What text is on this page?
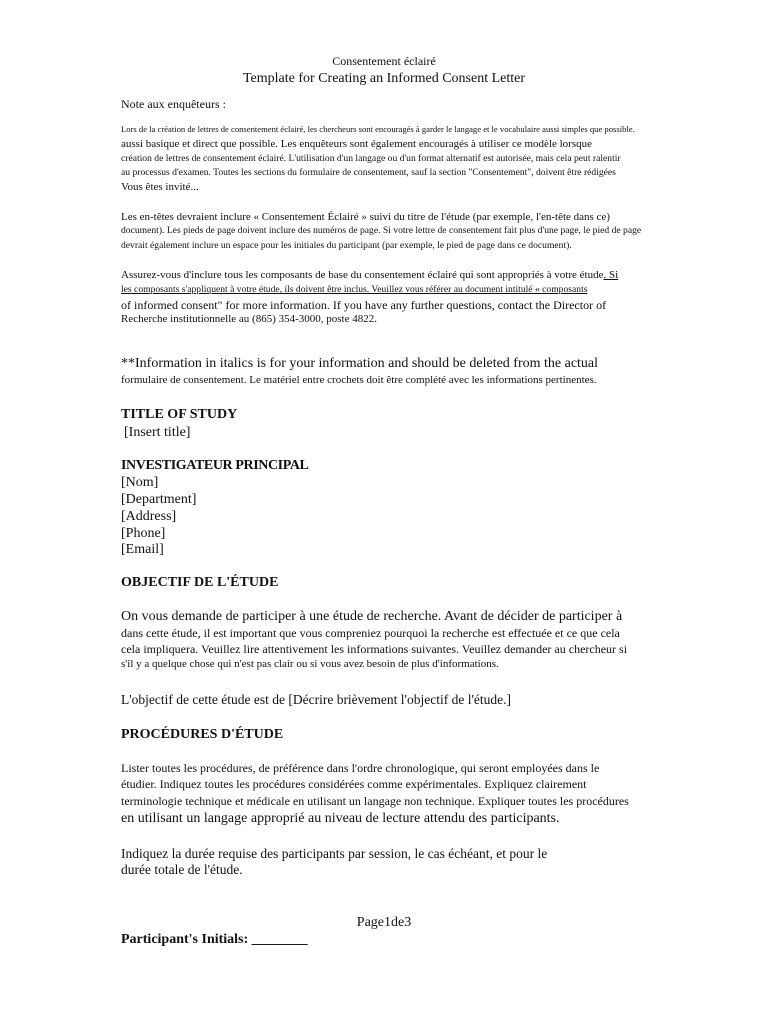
Consentement éclairé
Template for Creating an Informed Consent Letter
Note aux enquêteurs :
Lors de la création de lettres de consentement éclairé, les chercheurs sont encouragés à garder le langage et le vocabulaire aussi simples que possible.
aussi basique et direct que possible. Les enquêteurs sont également encouragés à utiliser ce modèle lorsque
création de lettres de consentement éclairé. L'utilisation d'un langage ou d'un format alternatif est autorisée, mais cela peut ralentir
au processus d'examen. Toutes les sections du formulaire de consentement, sauf la section "Consentement", doivent être rédigées
Vous êtes invité...
Les en-têtes devraient inclure « Consentement Éclairé » suivi du titre de l'étude (par exemple, l'en-tête dans ce)
document). Les pieds de page doivent inclure des numéros de page. Si votre lettre de consentement fait plus d'une page, le pied de page
devrait également inclure un espace pour les initiales du participant (par exemple, le pied de page dans ce document).
Assurez-vous d'inclure tous les composants de base du consentement éclairé qui sont appropriés à votre étude. Si
les composants s'appliquent à votre étude, ils doivent être inclus. Veuillez vous référer au document intitulé « composants
of informed consent" for more information. If you have any further questions, contact the Director of
Recherche institutionnelle au (865) 354-3000, poste 4822.
**Information in italics is for your information and should be deleted from the actual
formulaire de consentement. Le matériel entre crochets doit être complété avec les informations pertinentes.
TITLE OF STUDY
[Insert title]
INVESTIGATEUR PRINCIPAL
[Nom]
[Department]
[Address]
[Phone]
[Email]
OBJECTIF DE L'ÉTUDE
On vous demande de participer à une étude de recherche. Avant de décider de participer à
dans cette étude, il est important que vous compreniez pourquoi la recherche est effectuée et ce que cela
cela impliquera. Veuillez lire attentivement les informations suivantes. Veuillez demander au chercheur si
s'il y a quelque chose qui n'est pas clair ou si vous avez besoin de plus d'informations.
L'objectif de cette étude est de [Décrire brièvement l'objectif de l'étude.]
PROCÉDURES D'ÉTUDE
Lister toutes les procédures, de préférence dans l'ordre chronologique, qui seront employées dans le
étudier. Indiquez toutes les procédures considérées comme expérimentales. Expliquez clairement
terminologie technique et médicale en utilisant un langage non technique. Expliquer toutes les procédures
en utilisant un langage approprié au niveau de lecture attendu des participants.
Indiquez la durée requise des participants par session, le cas échéant, et pour le
durée totale de l'étude.
Page1de3
Participant's Initials: ________
